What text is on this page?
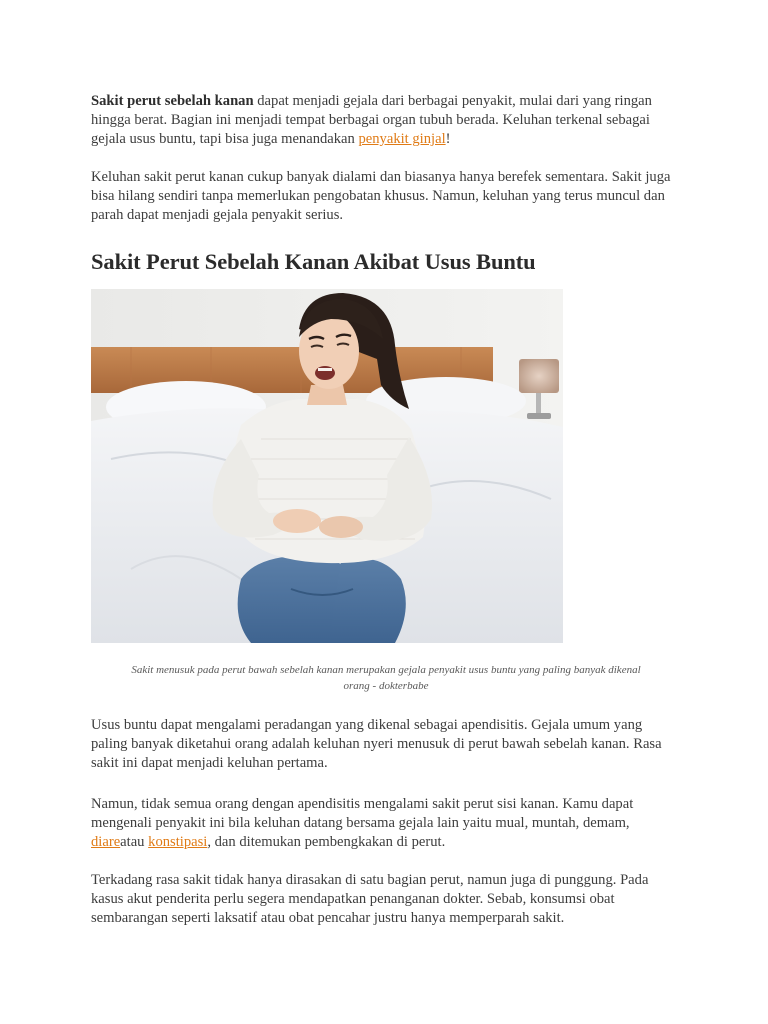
Sakit perut sebelah kanan dapat menjadi gejala dari berbagai penyakit, mulai dari yang ringan hingga berat. Bagian ini menjadi tempat berbagai organ tubuh berada. Keluhan terkenal sebagai gejala usus buntu, tapi bisa juga menandakan penyakit ginjal!

Keluhan sakit perut kanan cukup banyak dialami dan biasanya hanya berefek sementara. Sakit juga bisa hilang sendiri tanpa memerlukan pengobatan khusus. Namun, keluhan yang terus muncul dan parah dapat menjadi gejala penyakit serius.

Sakit Perut Sebelah Kanan Akibat Usus Buntu

Sakit menusuk pada perut bawah sebelah kanan merupakan gejala penyakit usus buntu yang paling banyak dikenal

orang - dokterbabe

Usus buntu dapat mengalami peradangan yang dikenal sebagai apendisitis. Gejala umum yang paling banyak diketahui orang adalah keluhan nyeri menusuk di perut bawah sebelah kanan. Rasa sakit ini dapat menjadi keluhan pertama.

Namun, tidak semua orang dengan apendisitis mengalami sakit perut sisi kanan. Kamu dapat mengenali penyakit ini bila keluhan datang bersama gejala lain yaitu mual, muntah, demam, diareatau konstipasi, dan ditemukan pembengkakan di perut.

Terkadang rasa sakit tidak hanya dirasakan di satu bagian perut, namun juga di punggung. Pada kasus akut penderita perlu segera mendapatkan penanganan dokter. Sebab, konsumsi obat sembarangan seperti laksatif atau obat pencahar justru hanya memperparah sakit.
